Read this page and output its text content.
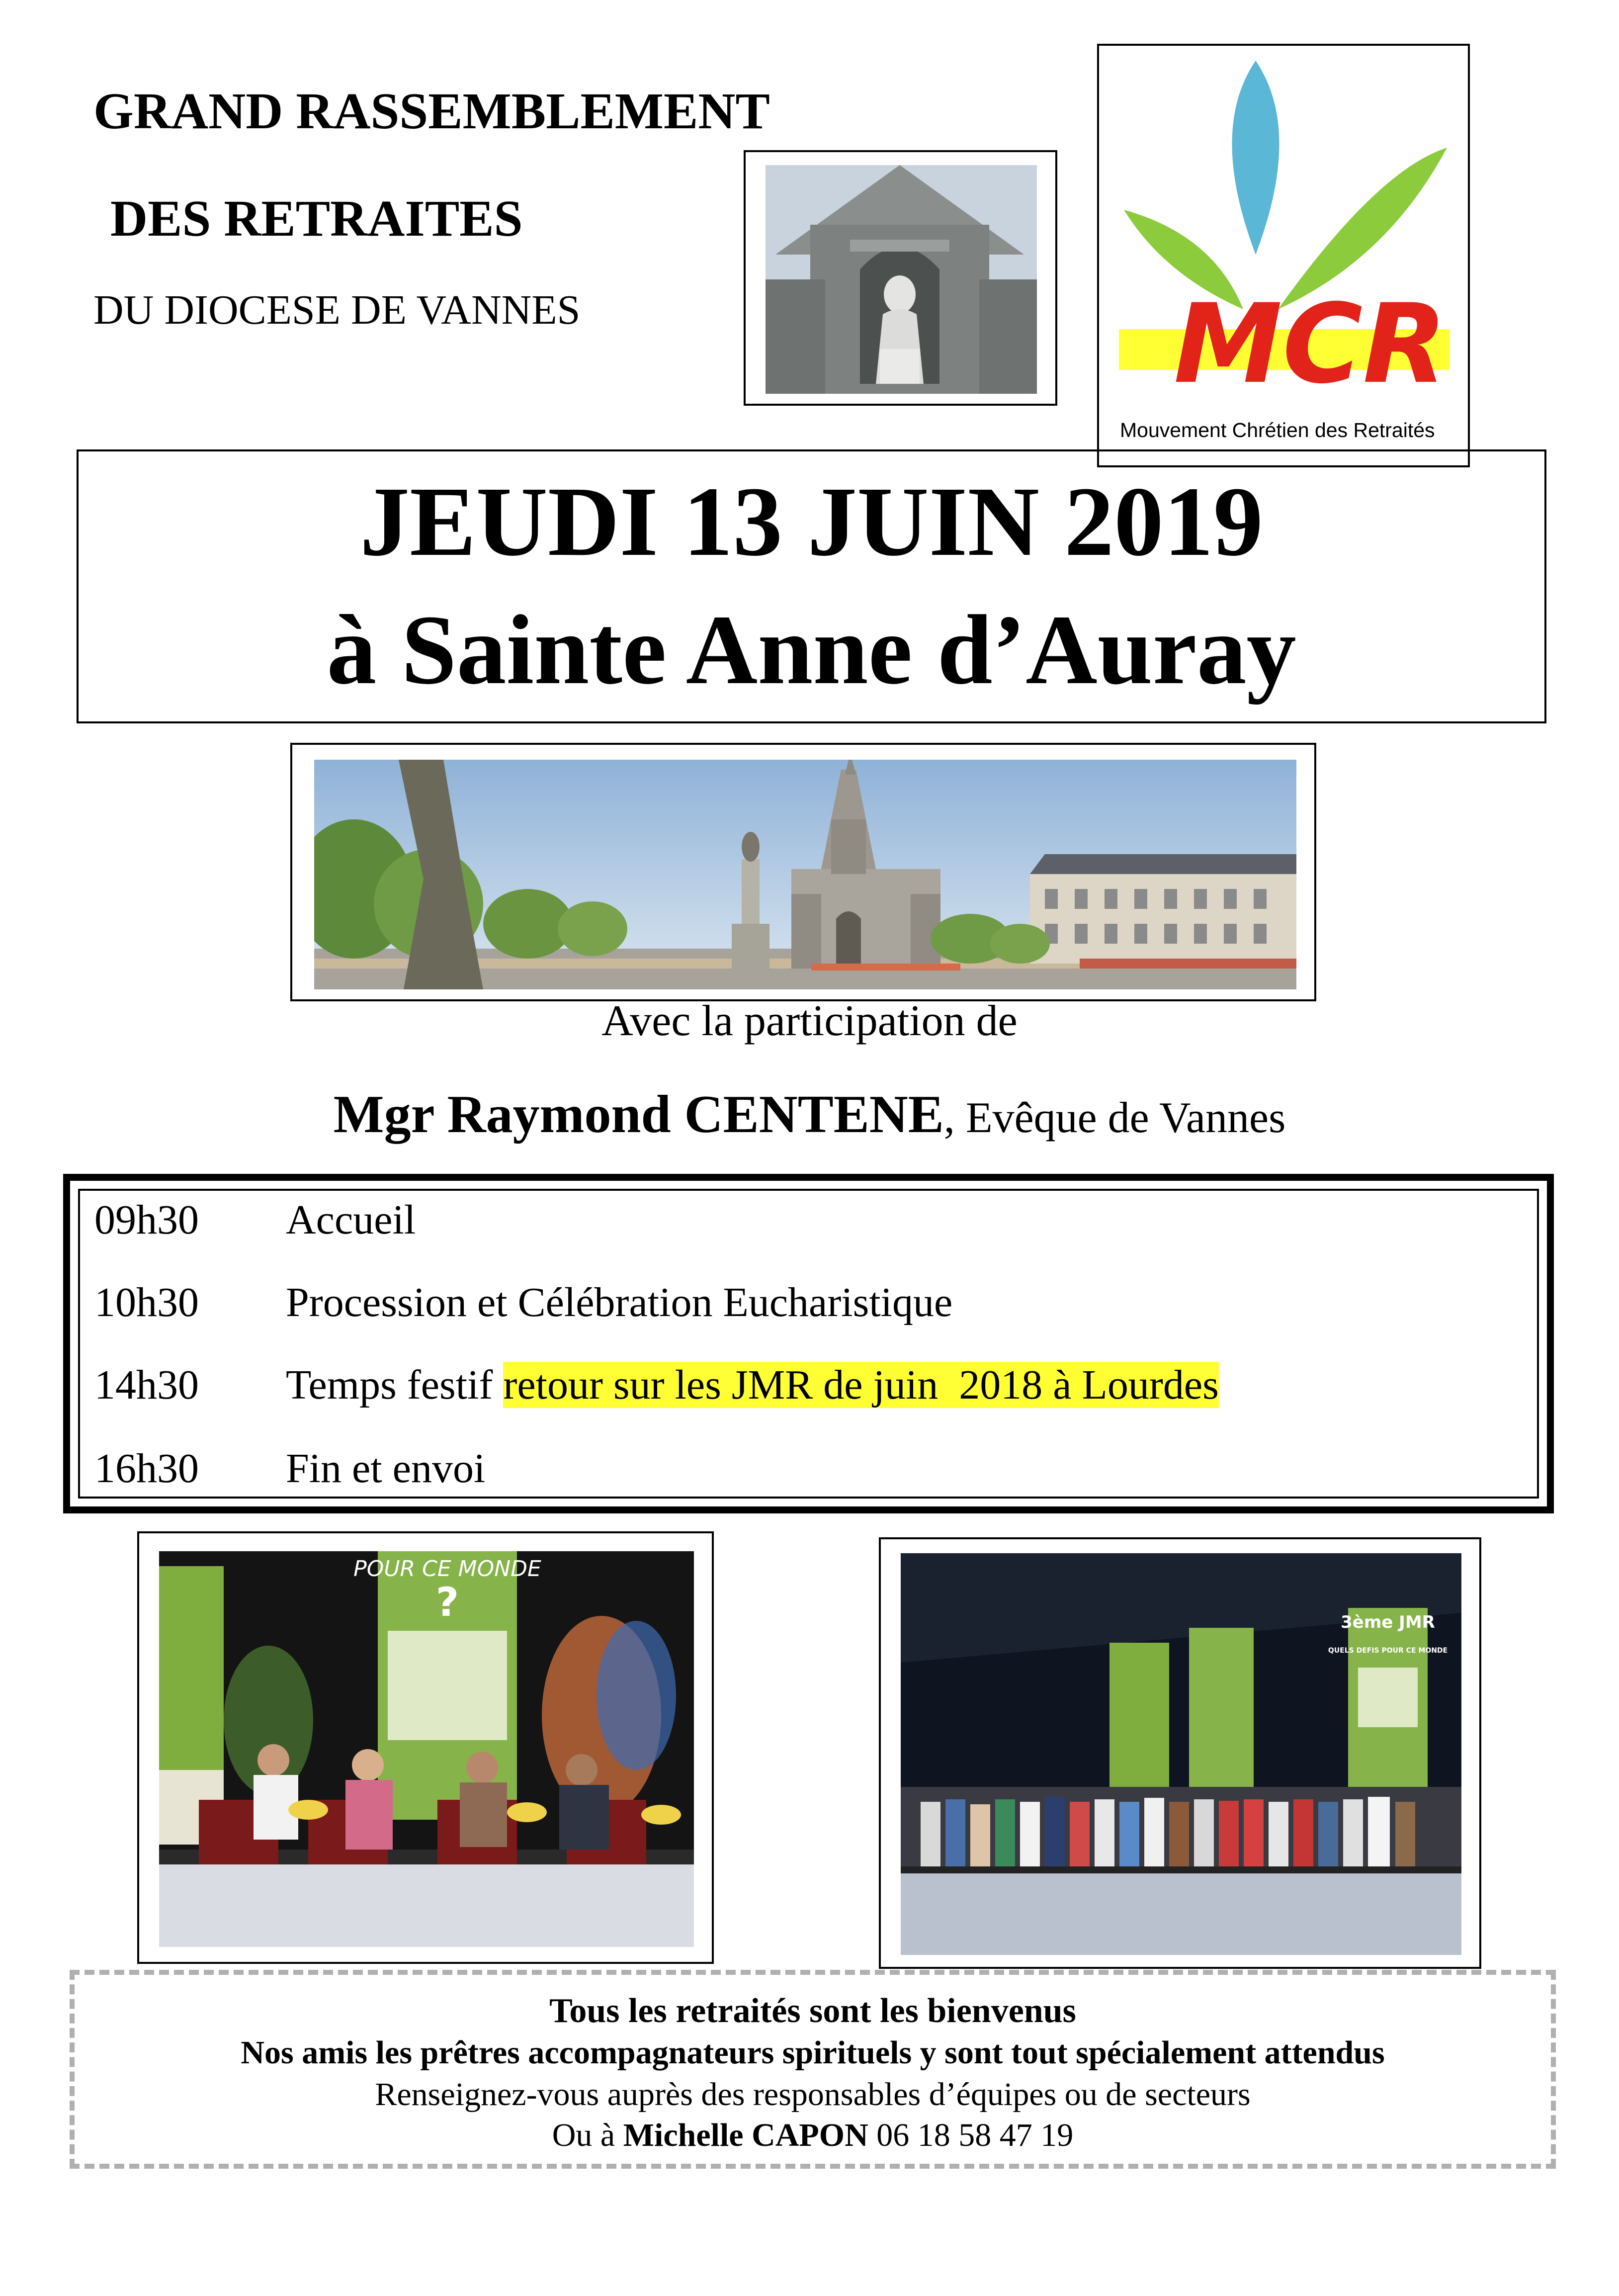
GRAND RASSEMBLEMENT
DES RETRAITES
DU DIOCESE DE VANNES	MCR
Mouvement Chrétien des Retraités
JEUDI 13 JUIN 2019
à Sainte Anne d’Auray
Avec la participation de
Mgr Raymond CENTENE, Evêque de Vannes
09h30 Accueil
10h30 Procession et Célébration Eucharistique
14h30 Temps festif retour sur les JMR de juin  2018 à Lourdes
16h30 Fin et envoi
POUR CE MONDE
?	3ème JMR
QUELS DEFIS POUR CE MONDE
Tous les retraités sont les bienvenus
Nos amis les prêtres accompagnateurs spirituels y sont tout spécialement attendus
Renseignez-vous auprès des responsables d’équipes ou de secteurs
Ou à Michelle CAPON 06 18 58 47 19
